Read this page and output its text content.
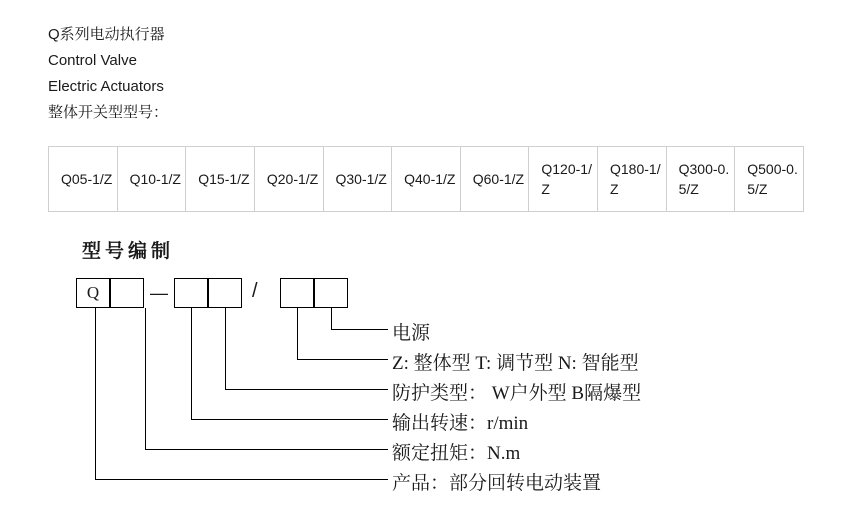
Q系列电动执行器
Control Valve
Electric Actuators
整体开关型型号：
Q05-1/Z	Q10-1/Z	Q15-1/Z	Q20-1/Z	Q30-1/Z	Q40-1/Z	Q60-1/Z	Q120-1/Z	Q180-1/Z	Q300-0.5/Z	Q500-0.5/Z
型号编制
Q	—	/
电源
Z: 整体型 T: 调节型 N: 智能型
防护类型： W户外型 B隔爆型
输出转速：r/min
额定扭矩：N.m
产品：部分回转电动装置
